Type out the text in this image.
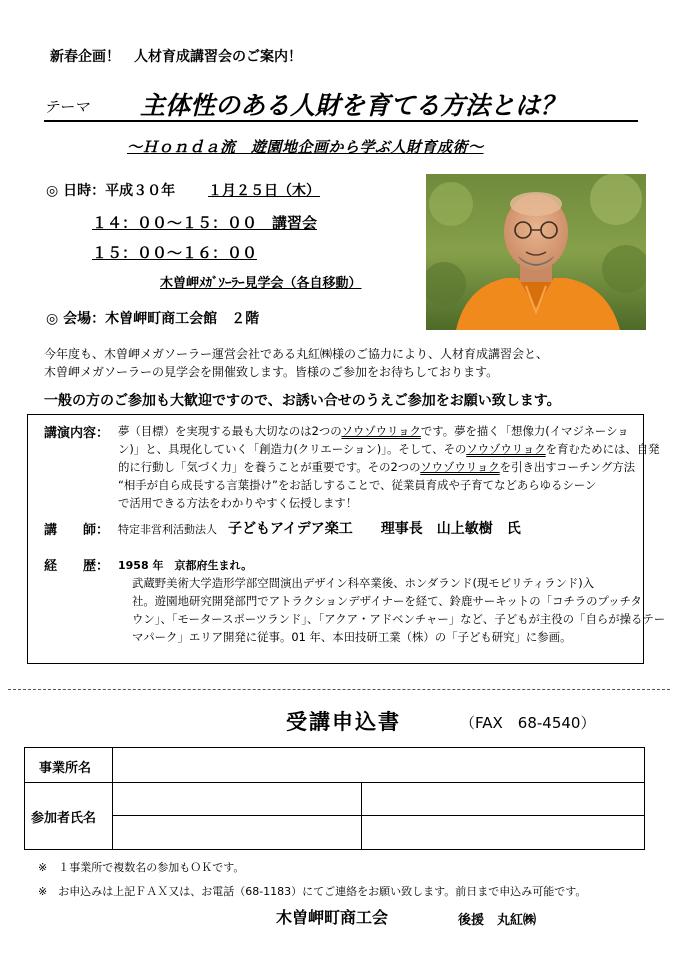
新春企画！　人材育成講習会のご案内！
テーマ 主体性のある人財を育てる方法とは？
～Ｈｏｎｄａ流　遊園地企画から学ぶ人財育成術～
◎ 日時：平成３０年 １月２５日（木）
１４：００～１５：００　講習会
１５：００～１６：００
木曽岬ﾒｶﾞｿｰﾗｰ見学会（各自移動）
◎ 会場：木曽岬町商工会館　２階
今年度も、木曽岬メガソーラー運営会社である丸紅㈱様のご協力により、人材育成講習会と、
木曽岬メガソーラーの見学会を開催致します。皆様のご参加をお待ちしております。
一般の方のご参加も大歓迎ですので、お誘い合せのうえご参加をお願い致します。
講演内容： 夢（目標）を実現する最も大切なのは2つのソウゾウリョクです。夢を描く「想像力(イマジネーショ
ン)」と、具現化していく「創造力(クリエーション)」。そして、そのソウゾウリョクを育むためには、自発
的に行動し「気づく力」を養うことが重要です。その2つのソウゾウリョクを引き出すコーチング方法
“相手が自ら成長する言葉掛け”をお話しすることで、従業員育成や子育てなどあらゆるシーン
で活用できる方法をわかりやすく伝授します！
講　　師： 特定非営利活動法人 子どもアイデア楽工　　理事長　山上敏樹　氏
経　　歴： 1958 年　京都府生まれ。
武蔵野美術大学造形学部空間演出デザイン科卒業後、ホンダランド(現モビリティランド)入
社。遊園地研究開発部門でアトラクションデザイナーを経て、鈴鹿サーキットの「コチラのプッチタ
ウン」、「モータースポーツランド」、「アクア・アドベンチャー」など、子どもが主役の「自らが操るテー
マパーク」エリア開発に従事。01 年、本田技研工業（株）の「子ども研究」に参画。
受講申込書	（FAX　68-4540）
事業所名
参加者氏名
※　１事業所で複数名の参加もＯＫです。
※　お申込みは上記ＦＡＸ又は、お電話（68-1183）にてご連絡をお願い致します。前日まで申込み可能です。
木曽岬町商工会	後援　丸紅㈱
